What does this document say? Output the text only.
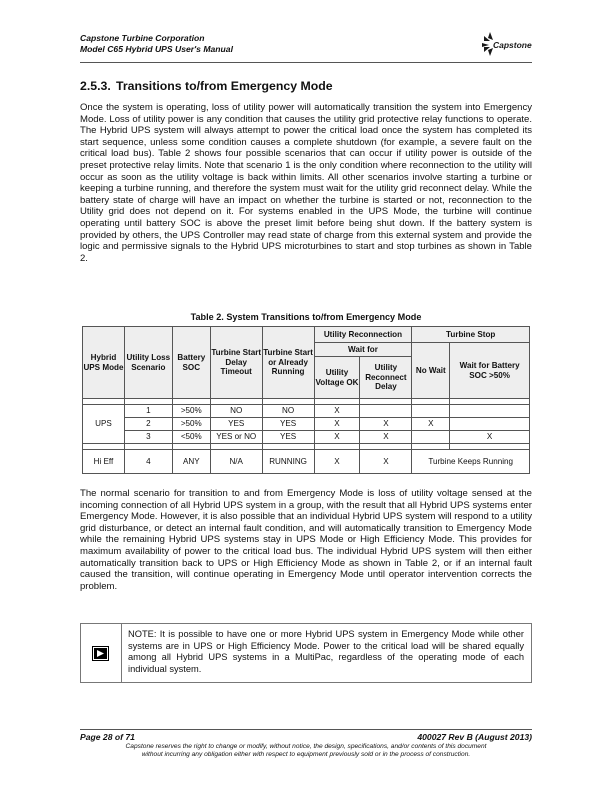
Capstone Turbine Corporation
Model C65 Hybrid UPS User's Manual	Capstone
2.5.3. Transitions to/from Emergency Mode

Once the system is operating, loss of utility power will automatically transition the system into Emergency Mode. Loss of utility power is any condition that causes the utility grid protective relay functions to operate. The Hybrid UPS system will always attempt to power the critical load once the system has completed its start sequence, unless some condition causes a complete shutdown (for example, a severe fault on the critical load bus). Table 2 shows four possible scenarios that can occur if utility power is outside of the preset protective relay limits. Note that scenario 1 is the only condition where reconnection to the utility will occur as soon as the utility voltage is back within limits. All other scenarios involve starting a turbine or keeping a turbine running, and therefore the system must wait for the utility grid reconnect delay. While the battery state of charge will have an impact on whether the turbine is started or not, reconnection to the Utility grid does not depend on it. For systems enabled in the UPS Mode, the turbine will continue operating until battery SOC is above the preset limit before being shut down. If the battery system is provided by others, the UPS Controller may read state of charge from this external system and provide the logic and permissive signals to the Hybrid UPS microturbines to start and stop turbines as shown in Table 2.

Table 2. System Transitions to/from Emergency Mode
Hybrid UPS Mode	Utility Loss Scenario	Battery SOC	Turbine Start Delay Timeout	Turbine Start or Already Running	Utility Reconnection		Turbine Stop	
					Wait for		No Wait	Wait for Battery SOC >50%
					Utility Voltage OK	Utility Reconnect Delay		

UPS	1	>50%	NO	NO	X			
	2	>50%	YES	YES	X	X	X	
	3	<50%	YES or NO	YES	X	X		X

Hi Eff	4	ANY	N/A	RUNNING	X	X	Turbine Keeps Running	

The normal scenario for transition to and from Emergency Mode is loss of utility voltage sensed at the incoming connection of all Hybrid UPS system in a group, with the result that all Hybrid UPS systems enter Emergency Mode. However, it is also possible that an individual Hybrid UPS system will respond to a utility grid disturbance, or detect an internal fault condition, and will automatically transition to Emergency Mode while the remaining Hybrid UPS systems stay in UPS Mode or High Efficiency Mode. This provides for maximum availability of power to the critical load bus. The individual Hybrid UPS system will then either automatically transition back to UPS or High Efficiency Mode as shown in Table 2, or if an internal fault caused the transition, will continue operating in Emergency Mode until operator intervention corrects the problem.

NOTE: It is possible to have one or more Hybrid UPS system in Emergency Mode while other systems are in UPS or High Efficiency Mode. Power to the critical load will be shared equally among all Hybrid UPS systems in a MultiPac, regardless of the operating mode of each individual system.
Page 28 of 71	400027 Rev B (August 2013)
Capstone reserves the right to change or modify, without notice, the design, specifications, and/or contents of this document
without incurring any obligation either with respect to equipment previously sold or in the process of construction.
